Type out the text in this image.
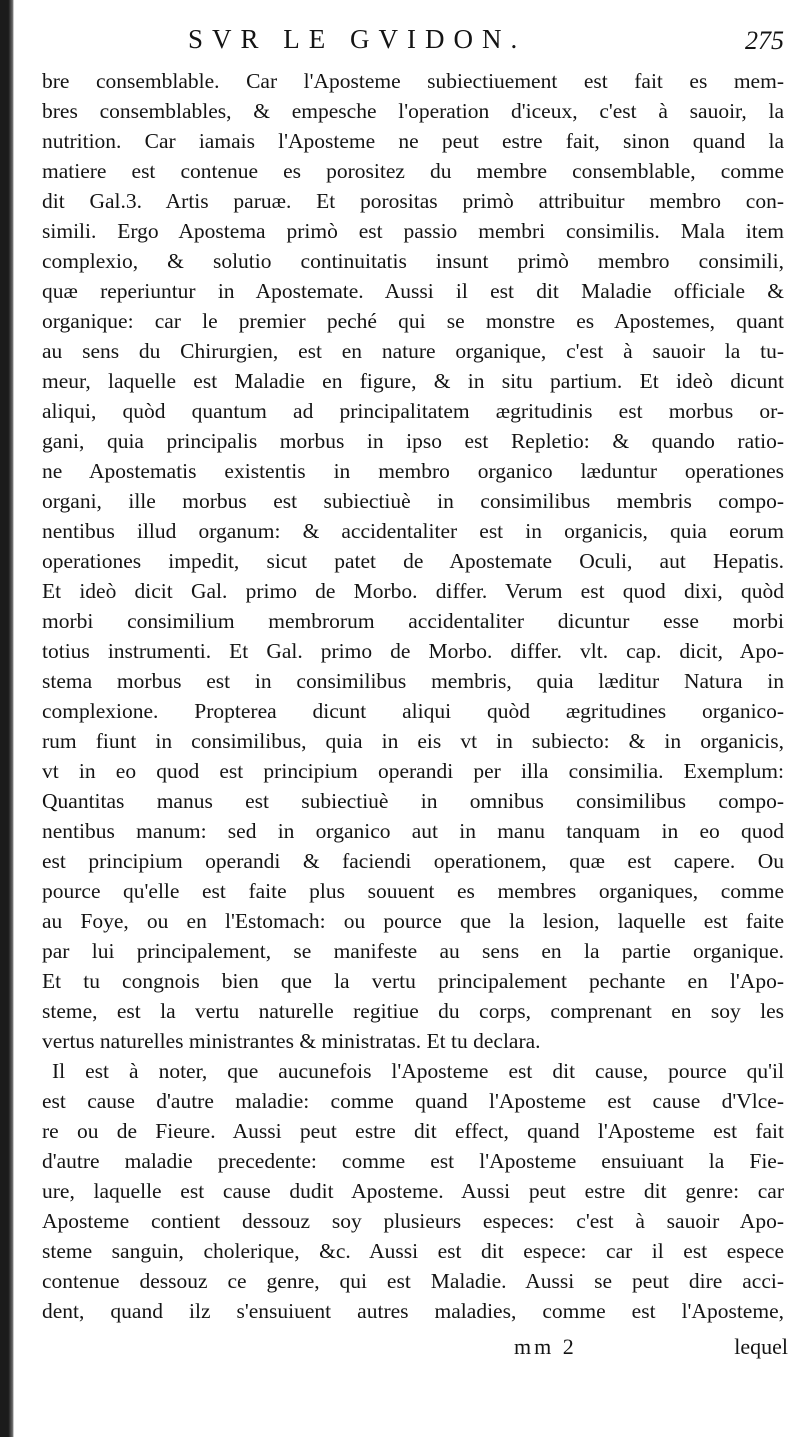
SVR LE GVIDON.	275
bre consemblable. Car l'Aposteme subiectiuement est fait es mem-
bres consemblables, & empesche l'operation d'iceux, c'est à sauoir, la
nutrition. Car iamais l'Aposteme ne peut estre fait, sinon quand la
matiere est contenue es porositez du membre consemblable, comme
dit Gal.3. Artis paruæ. Et porositas primò attribuitur membro con-
simili. Ergo Apostema primò est passio membri consimilis. Mala item
complexio, & solutio continuitatis insunt primò membro consimili,
quæ reperiuntur in Apostemate. Aussi il est dit Maladie officiale &
organique: car le premier peché qui se monstre es Apostemes, quant
au sens du Chirurgien, est en nature organique, c'est à sauoir la tu-
meur, laquelle est Maladie en figure, & in situ partium. Et ideò dicunt
aliqui, quòd quantum ad principalitatem ægritudinis est morbus or-
gani, quia principalis morbus in ipso est Repletio: & quando ratio-
ne Apostematis existentis in membro organico læduntur operationes
organi, ille morbus est subiectiuè in consimilibus membris compo-
nentibus illud organum: & accidentaliter est in organicis, quia eorum
operationes impedit, sicut patet de Apostemate Oculi, aut Hepatis.
Et ideò dicit Gal. primo de Morbo. differ. Verum est quod dixi, quòd
morbi consimilium membrorum accidentaliter dicuntur esse morbi
totius instrumenti. Et Gal. primo de Morbo. differ. vlt. cap. dicit, Apo-
stema morbus est in consimilibus membris, quia læditur Natura in
complexione. Propterea dicunt aliqui quòd ægritudines organico-
rum fiunt in consimilibus, quia in eis vt in subiecto: & in organicis,
vt in eo quod est principium operandi per illa consimilia. Exemplum:
Quantitas manus est subiectiuè in omnibus consimilibus compo-
nentibus manum: sed in organico aut in manu tanquam in eo quod
est principium operandi & faciendi operationem, quæ est capere. Ou
pource qu'elle est faite plus souuent es membres organiques, comme
au Foye, ou en l'Estomach: ou pource que la lesion, laquelle est faite
par lui principalement, se manifeste au sens en la partie organique.
Et tu congnois bien que la vertu principalement pechante en l'Apo-
steme, est la vertu naturelle regitiue du corps, comprenant en soy les
vertus naturelles ministrantes & ministratas. Et tu declara.
Il est à noter, que aucunefois l'Aposteme est dit cause, pource qu'il
est cause d'autre maladie: comme quand l'Aposteme est cause d'Vlce-
re ou de Fieure. Aussi peut estre dit effect, quand l'Aposteme est fait
d'autre maladie precedente: comme est l'Aposteme ensuiuant la Fie-
ure, laquelle est cause dudit Aposteme. Aussi peut estre dit genre: car
Aposteme contient dessouz soy plusieurs especes: c'est à sauoir Apo-
steme sanguin, cholerique, &c. Aussi est dit espece: car il est espece
contenue dessouz ce genre, qui est Maladie. Aussi se peut dire acci-
dent, quand ilz s'ensuiuent autres maladies, comme est l'Aposteme,
mm 2	lequel
